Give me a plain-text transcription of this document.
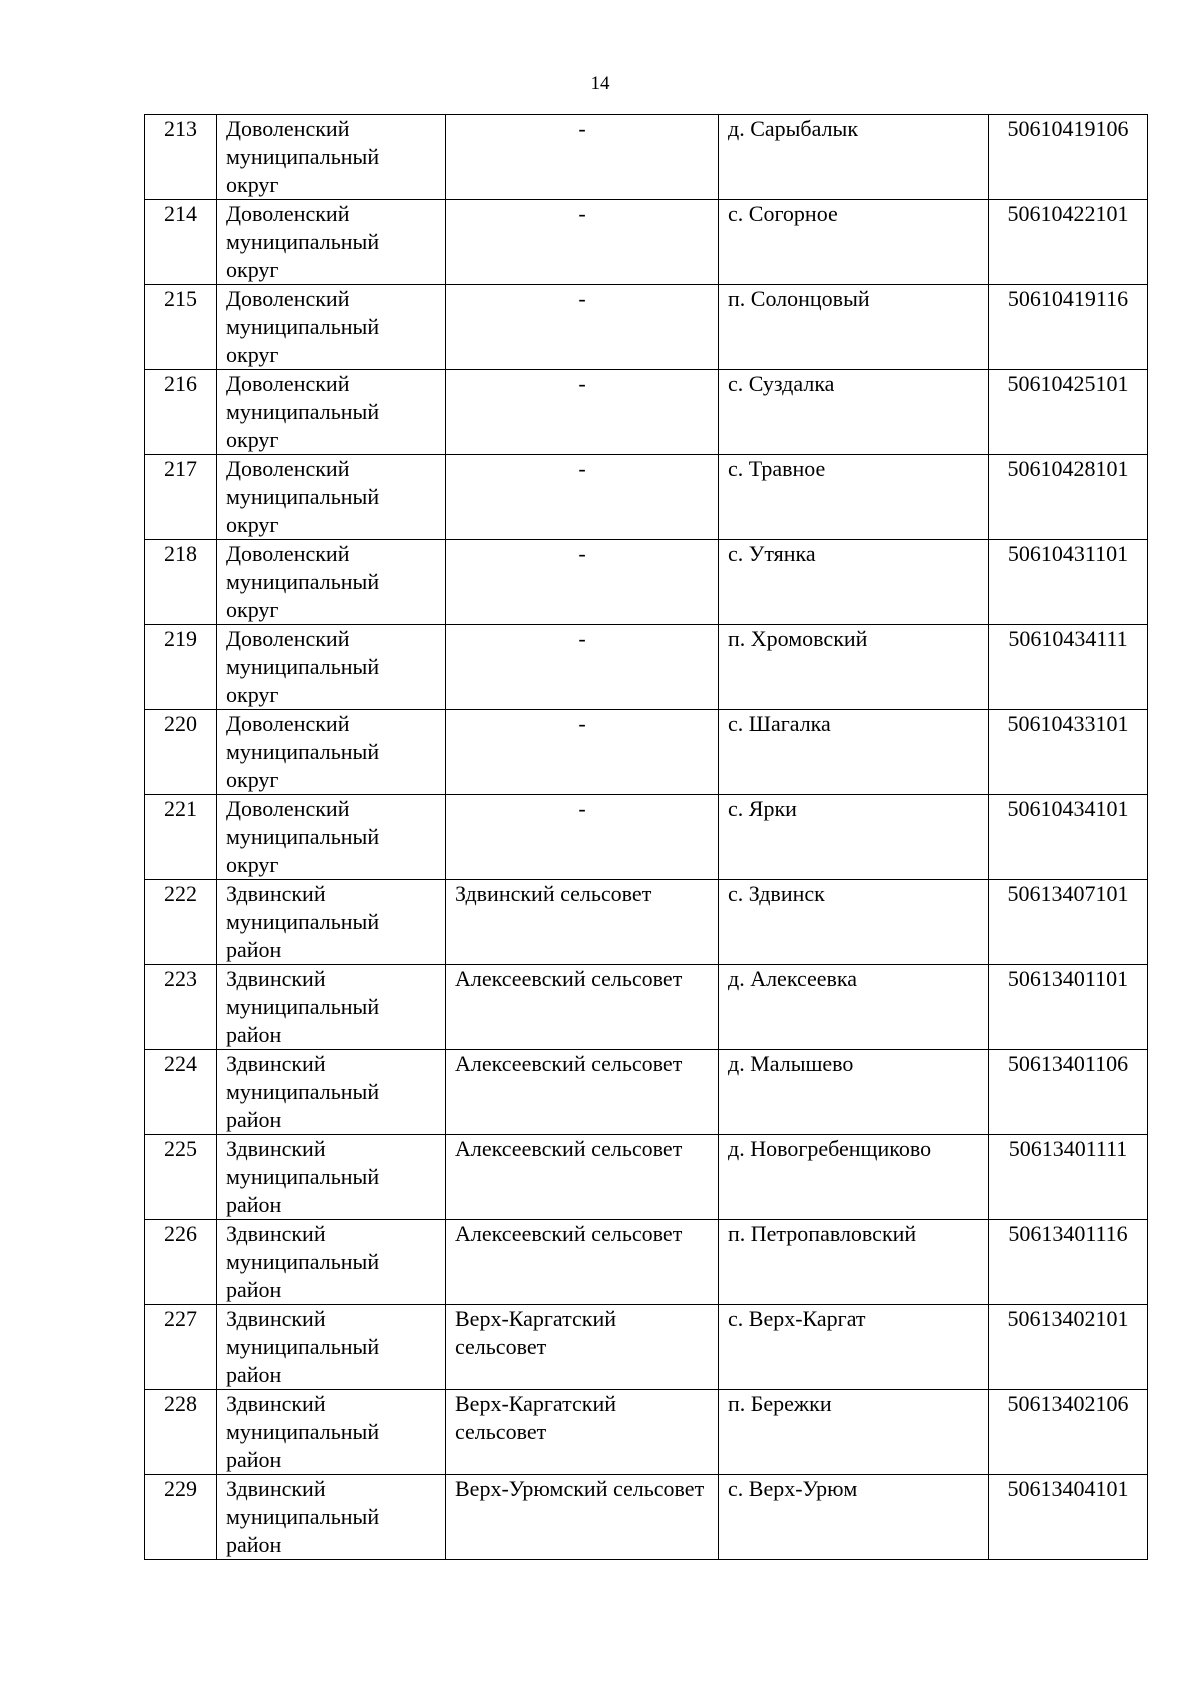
14
213	Доволенский муниципальный округ	-	д. Сарыбалык	50610419106
214	Доволенский муниципальный округ	-	с. Согорное	50610422101
215	Доволенский муниципальный округ	-	п. Солонцовый	50610419116
216	Доволенский муниципальный округ	-	с. Суздалка	50610425101
217	Доволенский муниципальный округ	-	с. Травное	50610428101
218	Доволенский муниципальный округ	-	с. Утянка	50610431101
219	Доволенский муниципальный округ	-	п. Хромовский	50610434111
220	Доволенский муниципальный округ	-	с. Шагалка	50610433101
221	Доволенский муниципальный округ	-	с. Ярки	50610434101
222	Здвинский муниципальный район	Здвинский сельсовет	с. Здвинск	50613407101
223	Здвинский муниципальный район	Алексеевский сельсовет	д. Алексеевка	50613401101
224	Здвинский муниципальный район	Алексеевский сельсовет	д. Малышево	50613401106
225	Здвинский муниципальный район	Алексеевский сельсовет	д. Новогребенщиково	50613401111
226	Здвинский муниципальный район	Алексеевский сельсовет	п. Петропавловский	50613401116
227	Здвинский муниципальный район	Верх-Каргатский сельсовет	с. Верх-Каргат	50613402101
228	Здвинский муниципальный район	Верх-Каргатский сельсовет	п. Бережки	50613402106
229	Здвинский муниципальный район	Верх-Урюмский сельсовет	с. Верх-Урюм	50613404101
